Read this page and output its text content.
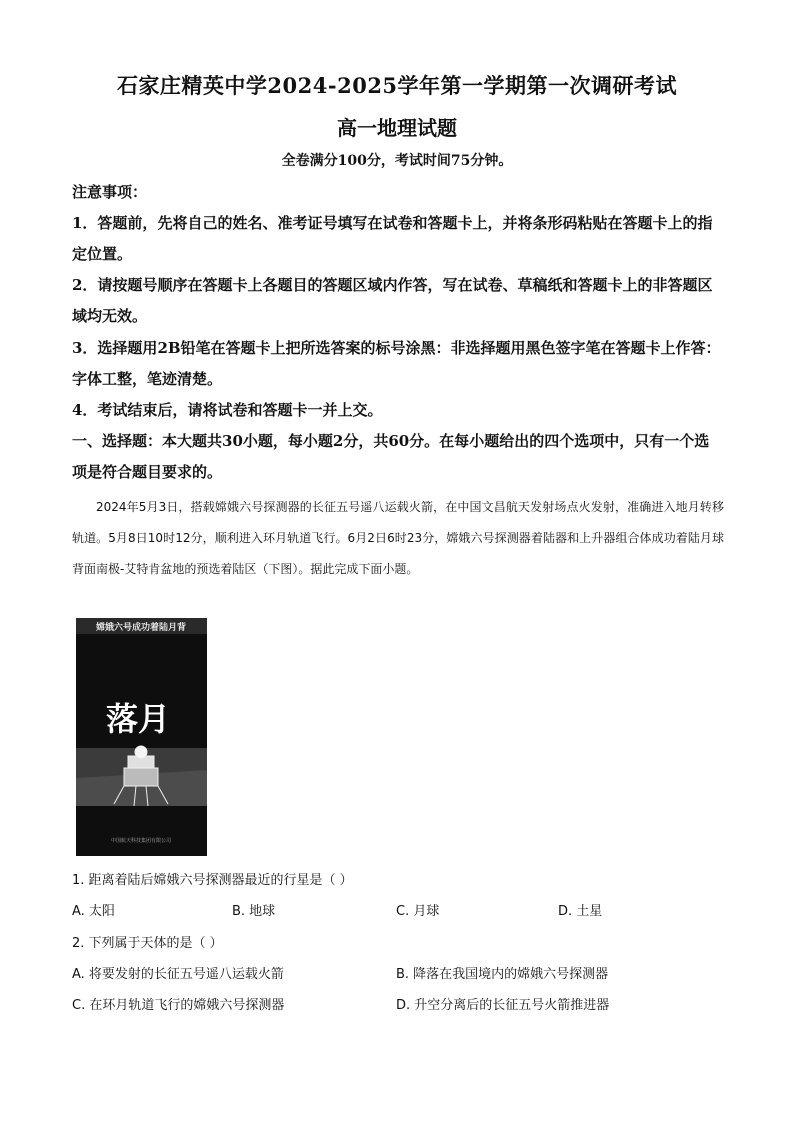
石家庄精英中学2024-2025学年第一学期第一次调研考试
高一地理试题
全卷满分100分，考试时间75分钟。
注意事项：
1．答题前，先将自己的姓名、准考证号填写在试卷和答题卡上，并将条形码粘贴在答题卡上的指定位置。
2．请按题号顺序在答题卡上各题目的答题区域内作答，写在试卷、草稿纸和答题卡上的非答题区域均无效。
3．选择题用2B铅笔在答题卡上把所选答案的标号涂黑：非选择题用黑色签字笔在答题卡上作答：字体工整，笔迹清楚。
4．考试结束后，请将试卷和答题卡一并上交。
一、选择题：本大题共30小题，每小题2分，共60分。在每小题给出的四个选项中，只有一个选项是符合题目要求的。
2024年5月3日，搭载嫦娥六号探测器的长征五号遥八运载火箭，在中国文昌航天发射场点火发射，准确进入地月转移轨道。5月8日10时12分，顺利进入环月轨道飞行。6月2日6时23分，嫦娥六号探测器着陆器和上升器组合体成功着陆月球背面南极-艾特肯盆地的预选着陆区（下图）。据此完成下面小题。
嫦娥六号成功着陆月背
落月
中国航天科技集团有限公司
1. 距离着陆后嫦娥六号探测器最近的行星是（ ）
A. 太阳	B. 地球	C. 月球	D. 土星
2. 下列属于天体的是（ ）
A. 将要发射的长征五号遥八运载火箭	B. 降落在我国境内的嫦娥六号探测器
C. 在环月轨道飞行的嫦娥六号探测器	D. 升空分离后的长征五号火箭推进器
